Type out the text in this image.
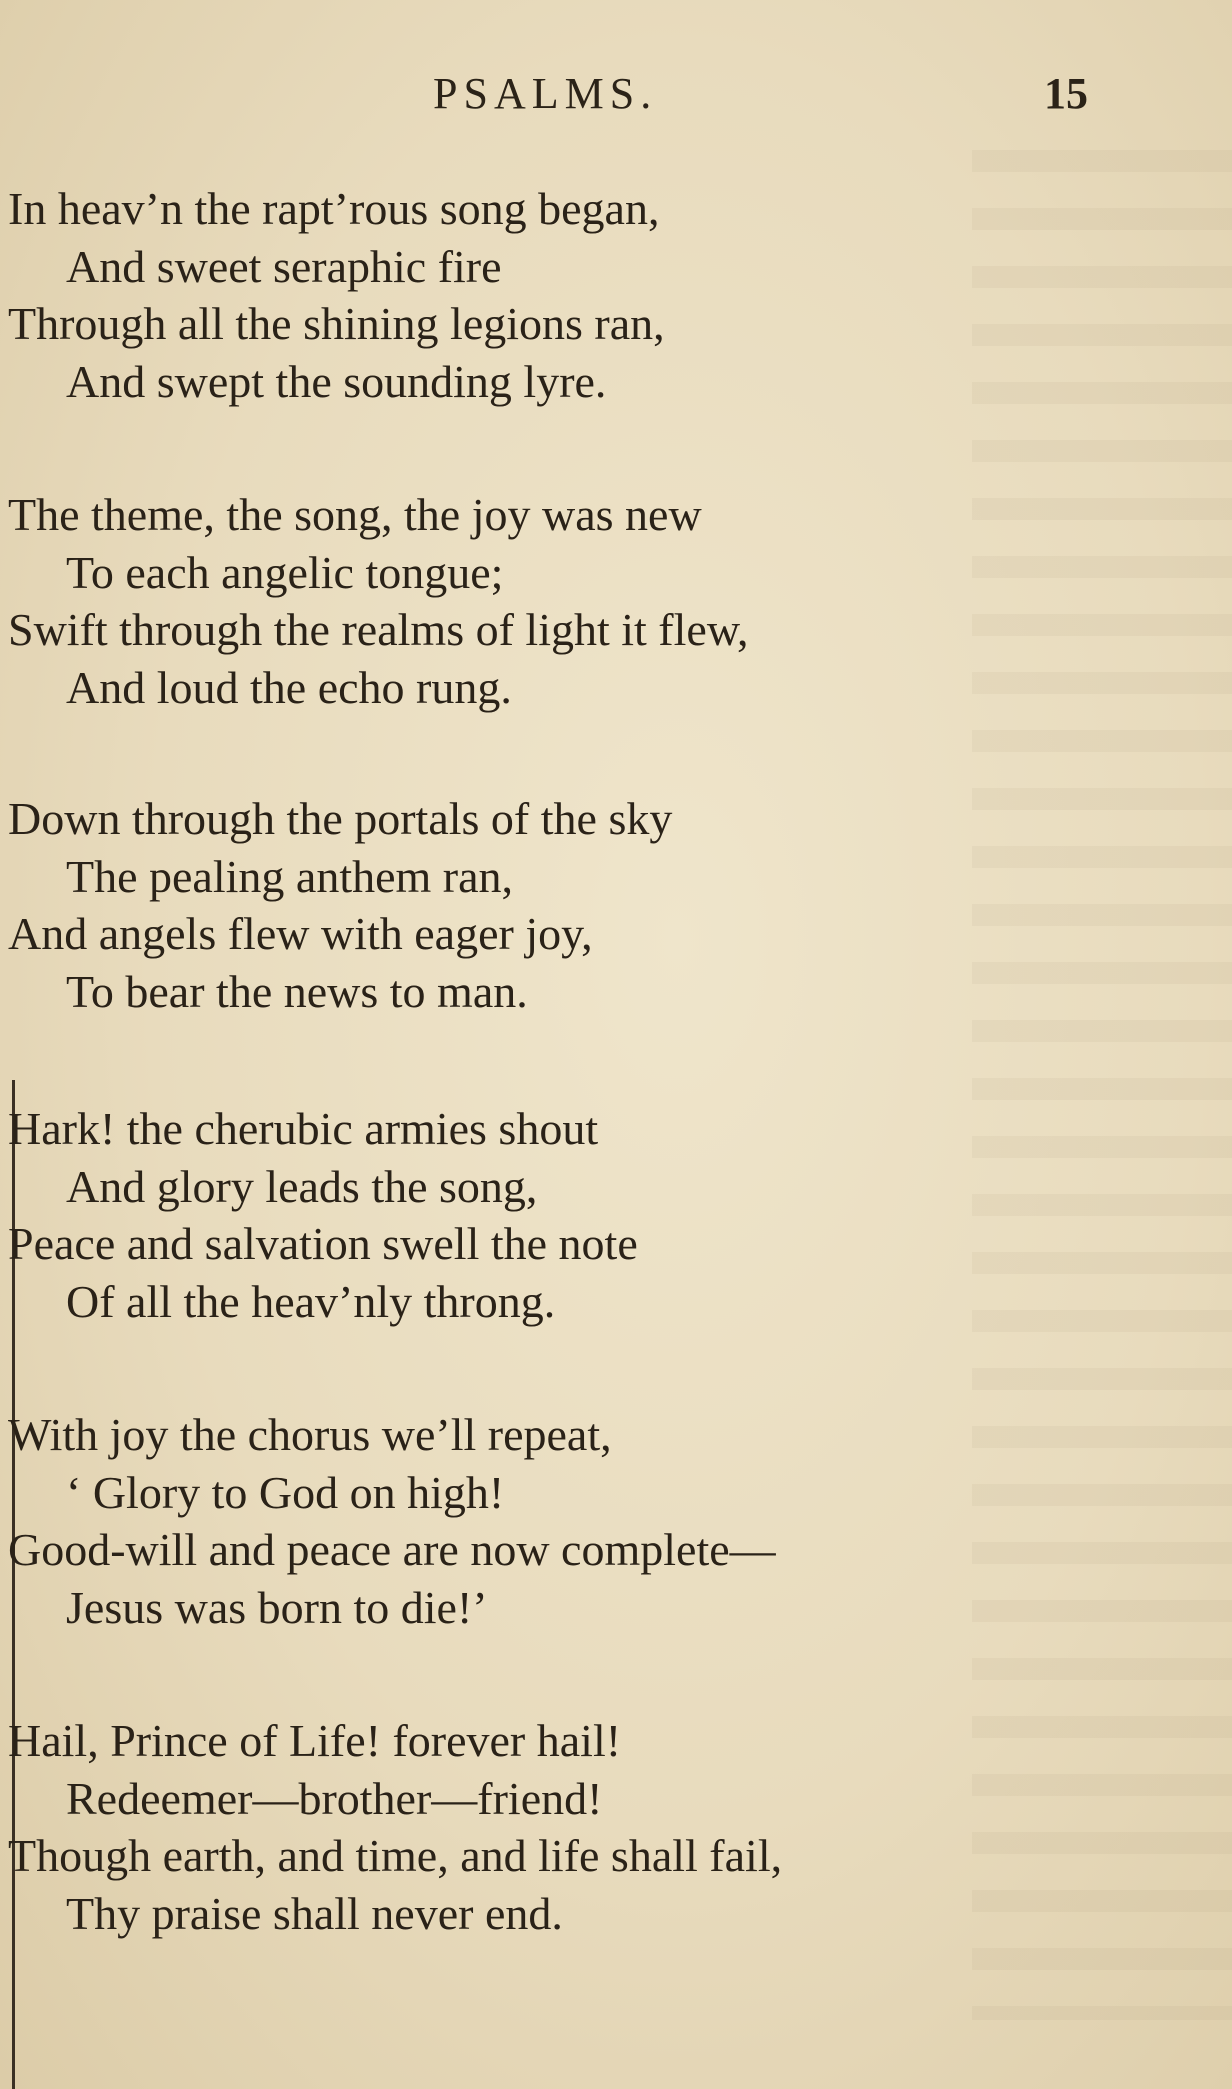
PSALMS.	15
In heav’n the rapt’rous song began,
And sweet seraphic fire
Through all the shining legions ran,
And swept the sounding lyre.
The theme, the song, the joy was new
To each angelic tongue;
Swift through the realms of light it flew,
And loud the echo rung.
Down through the portals of the sky
The pealing anthem ran,
And angels flew with eager joy,
To bear the news to man.
Hark! the cherubic armies shout
And glory leads the song,
Peace and salvation swell the note
Of all the heav’nly throng.
With joy the chorus we’ll repeat,
‘ Glory to God on high!
Good-will and peace are now complete—
Jesus was born to die!’
Hail, Prince of Life! forever hail!
Redeemer—brother—friend!
Though earth, and time, and life shall fail,
Thy praise shall never end.
